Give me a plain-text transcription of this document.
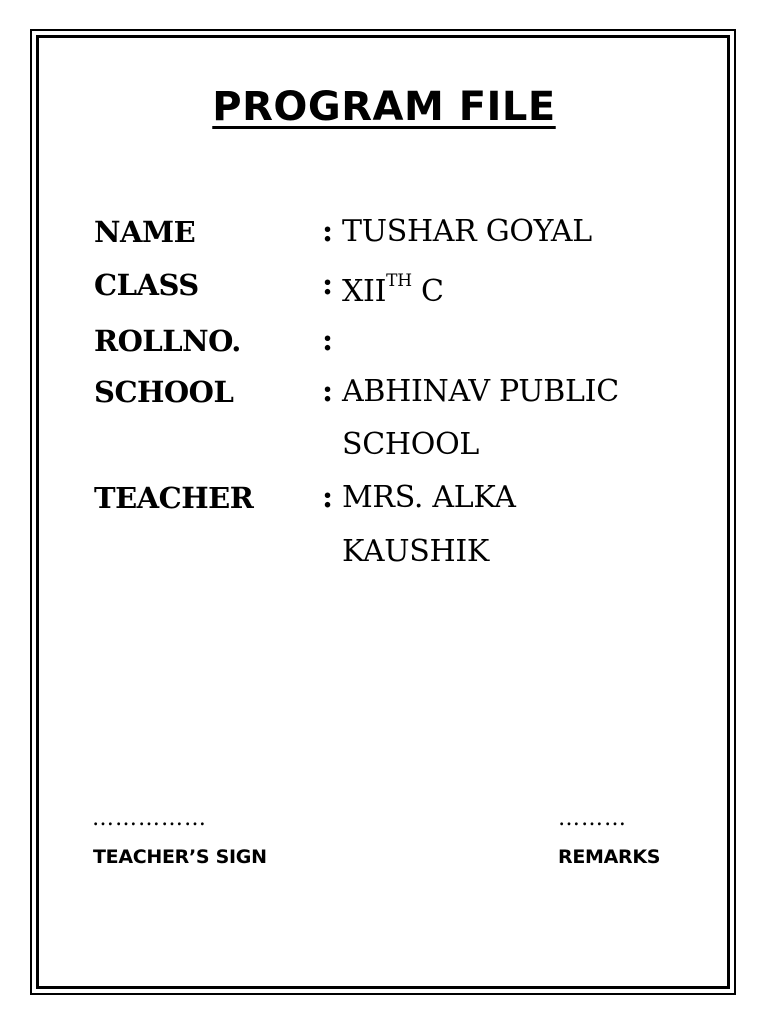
PROGRAM FILE
NAME	: TUSHAR GOYAL
CLASS	: XIITH C
ROLLNO.	:
SCHOOL	: ABHINAV PUBLIC
SCHOOL
TEACHER : MRS. ALKA
KAUSHIK
……………
TEACHER’S SIGN
………
REMARKS
